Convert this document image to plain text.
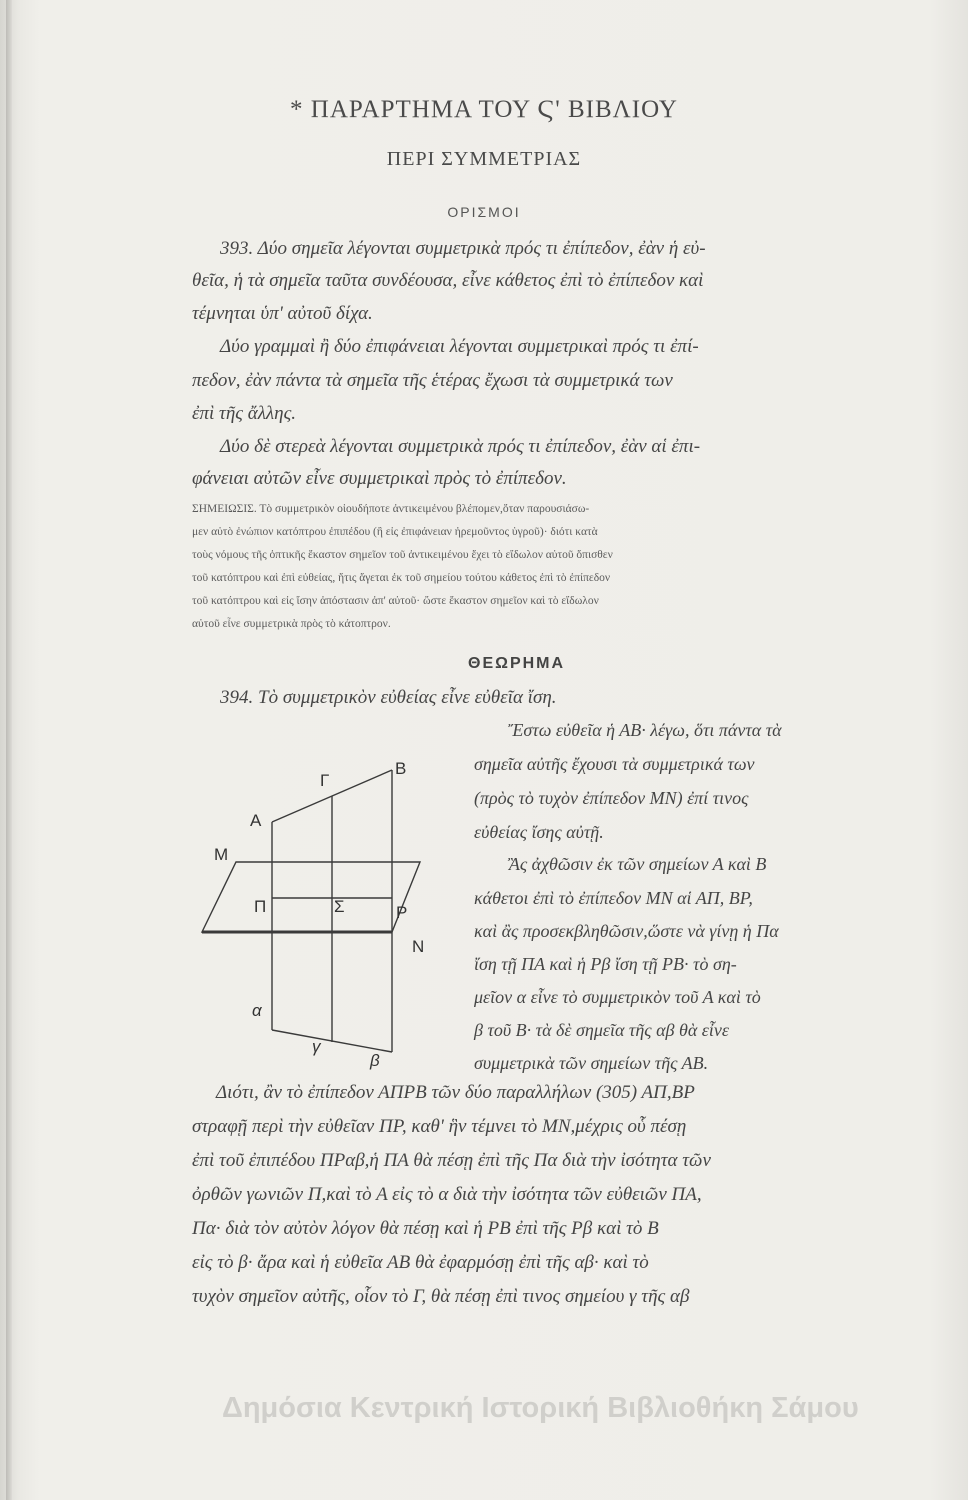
* ΠΑΡΑΡΤΗΜΑ ΤΟΥ Ϛ' ΒΙΒΛΙΟΥ
ΠΕΡΙ ΣΥΜΜΕΤΡΙΑΣ
ΟΡΙΣΜΟΙ
393. Δύο σημεῖα λέγονται συμμετρικὰ πρός τι ἐπίπεδον, ἐὰν ἡ εὐ-
θεῖα, ἡ τὰ σημεῖα ταῦτα συνδέουσα, εἶνε κάθετος ἐπὶ τὸ ἐπίπεδον καὶ
τέμνηται ὑπ' αὐτοῦ δίχα.
Δύο γραμμαὶ ἢ δύο ἐπιφάνειαι λέγονται συμμετρικαὶ πρός τι ἐπί-
πεδον, ἐὰν πάντα τὰ σημεῖα τῆς ἑτέρας ἔχωσι τὰ συμμετρικά των
ἐπὶ τῆς ἄλλης.
Δύο δὲ στερεὰ λέγονται συμμετρικὰ πρός τι ἐπίπεδον, ἐὰν αἱ ἐπι-
φάνειαι αὐτῶν εἶνε συμμετρικαὶ πρὸς τὸ ἐπίπεδον.
ΣΗΜΕΙΩΣΙΣ. Τὸ συμμετρικὸν οἱουδήποτε ἀντικειμένου βλέπομεν,ὅταν παρουσιάσω-
μεν αὐτὸ ἐνώπιον κατόπτρου ἐπιπέδου (ἢ εἰς ἐπιφάνειαν ἠρεμοῦντος ὑγροῦ)· διότι κατὰ
τοὺς νόμους τῆς ὀπτικῆς ἕκαστον σημεῖον τοῦ ἀντικειμένου ἔχει τὸ εἴδωλον αὐτοῦ ὄπισθεν
τοῦ κατόπτρου καὶ ἐπὶ εὐθείας, ἥτις ἄγεται ἐκ τοῦ σημείου τούτου κάθετος ἐπὶ τὸ ἐπίπεδον
τοῦ κατόπτρου καὶ εἰς ἴσην ἀπόστασιν ἀπ' αὐτοῦ· ὥστε ἕκαστον σημεῖον καὶ τὸ εἴδωλον
αὐτοῦ εἶνε συμμετρικὰ πρὸς τὸ κάτοπτρον.
ΘΕΩΡΗΜΑ
394. Τὸ συμμετρικὸν εὐθείας εἶνε εὐθεῖα ἴση.
Ἔστω εὐθεῖα ἡ ΑΒ· λέγω, ὅτι πάντα τὰ
σημεῖα αὐτῆς ἔχουσι τὰ συμμετρικά των
(πρὸς τὸ τυχὸν ἐπίπεδον ΜΝ) ἐπί τινος
εὐθείας ἴσης αὐτῇ.
Ἂς ἀχθῶσιν ἐκ τῶν σημείων Α καὶ Β
κάθετοι ἐπὶ τὸ ἐπίπεδον ΜΝ αἱ ΑΠ, ΒΡ,
καὶ ἂς προσεκβληθῶσιν,ὥστε νὰ γίνῃ ἡ Πα
ἴση τῇ ΠΑ καὶ ἡ Ρβ ἴση τῇ ΡΒ· τὸ ση-
μεῖον α εἶνε τὸ συμμετρικὸν τοῦ Α καὶ τὸ
β τοῦ Β· τὰ δὲ σημεῖα τῆς αβ θὰ εἶνε
συμμετρικὰ τῶν σημείων τῆς ΑΒ.
Διότι, ἂν τὸ ἐπίπεδον ΑΠΡΒ τῶν δύο παραλλήλων (305) ΑΠ,ΒΡ
στραφῇ περὶ τὴν εὐθεῖαν ΠΡ, καθ' ἣν τέμνει τὸ ΜΝ,μέχρις οὗ πέσῃ
ἐπὶ τοῦ ἐπιπέδου ΠΡαβ,ἡ ΠΑ θὰ πέσῃ ἐπὶ τῆς Πα διὰ τὴν ἰσότητα τῶν
ὀρθῶν γωνιῶν Π,καὶ τὸ Α εἰς τὸ α διὰ τὴν ἰσότητα τῶν εὐθειῶν ΠΑ,
Πα· διὰ τὸν αὐτὸν λόγον θὰ πέσῃ καὶ ἡ ΡΒ ἐπὶ τῆς Ρβ καὶ τὸ Β
εἰς τὸ β· ἄρα καὶ ἡ εὐθεῖα ΑΒ θὰ ἐφαρμόσῃ ἐπὶ τῆς αβ· καὶ τὸ
τυχὸν σημεῖον αὐτῆς, οἷον τὸ Γ, θὰ πέσῃ ἐπὶ τινος σημείου γ τῆς αβ
A
B
Γ
M
N
Π	Σ	P
α
γ
β
Δημόσια Κεντρική Ιστορική Βιβλιοθήκη Σάμου
